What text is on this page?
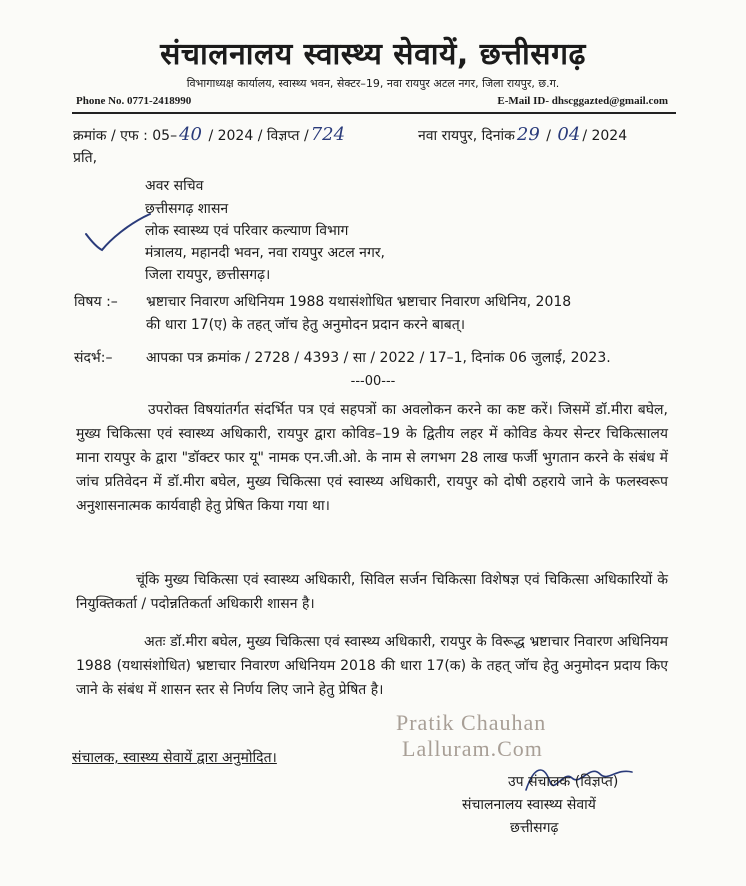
संचालनालय स्वास्थ्य सेवायें, छत्तीसगढ़
विभागाध्यक्ष कार्यालय, स्वास्थ्य भवन, सेक्टर–19, नवा रायपुर अटल नगर, जिला रायपुर, छ.ग.
Phone No. 0771-2418990	E-Mail ID- dhscggazted@gmail.com
क्रमांक / एफ : 05– 40 / 2024 / विज्ञप्त / 724	नवा रायपुर, दिनांक 29 / 04 / 2024
प्रति,
अवर सचिव
छत्तीसगढ़ शासन
लोक स्वास्थ्य एवं परिवार कल्याण विभाग
मंत्रालय, महानदी भवन, नवा रायपुर अटल नगर,
जिला रायपुर, छत्तीसगढ़।
विषय :– भ्रष्टाचार निवारण अधिनियम 1988 यथासंशोधित भ्रष्टाचार निवारण अधिनिय, 2018
की धारा 17(ए) के तहत् जॉच हेतु अनुमोदन प्रदान करने बाबत्।
संदर्भ:– आपका पत्र क्रमांक / 2728 / 4393 / सा / 2022 / 17–1, दिनांक 06 जुलाई, 2023.
---00---
उपरोक्त विषयांतर्गत संदर्भित पत्र एवं सहपत्रों का अवलोकन करने का कष्ट करें। जिसमें डॉ.मीरा बघेल, मुख्य चिकित्सा एवं स्वास्थ्य अधिकारी, रायपुर द्वारा कोविड–19 के द्वितीय लहर में कोविड केयर सेन्टर चिकित्सालय माना रायपुर के द्वारा "डॉक्टर फार यू" नामक एन.जी.ओ. के नाम से लगभग 28 लाख फर्जी भुगतान करने के संबंध में जांच प्रतिवेदन में डॉ.मीरा बघेल, मुख्य चिकित्सा एवं स्वास्थ्य अधिकारी, रायपुर को दोषी ठहराये जाने के फलस्वरूप अनुशासनात्मक कार्यवाही हेतु प्रेषित किया गया था।
चूंकि मुख्य चिकित्सा एवं स्वास्थ्य अधिकारी, सिविल सर्जन चिकित्सा विशेषज्ञ एवं चिकित्सा अधिकारियों के नियुक्तिकर्ता / पदोन्नतिकर्ता अधिकारी शासन है।
अतः डॉ.मीरा बघेल, मुख्य चिकित्सा एवं स्वास्थ्य अधिकारी, रायपुर के विरूद्ध भ्रष्टाचार निवारण अधिनियम 1988 (यथासंशोधित) भ्रष्टाचार निवारण अधिनियम 2018 की धारा 17(क) के तहत् जॉच हेतु अनुमोदन प्रदाय किए जाने के संबंध में शासन स्तर से निर्णय लिए जाने हेतु प्रेषित है।
संचालक, स्वास्थ्य सेवायें द्वारा अनुमोदित।
Pratik Chauhan
Lalluram.Com
उप संचालक (विज्ञप्त)
संचालनालय स्वास्थ्य सेवायें
छत्तीसगढ़
